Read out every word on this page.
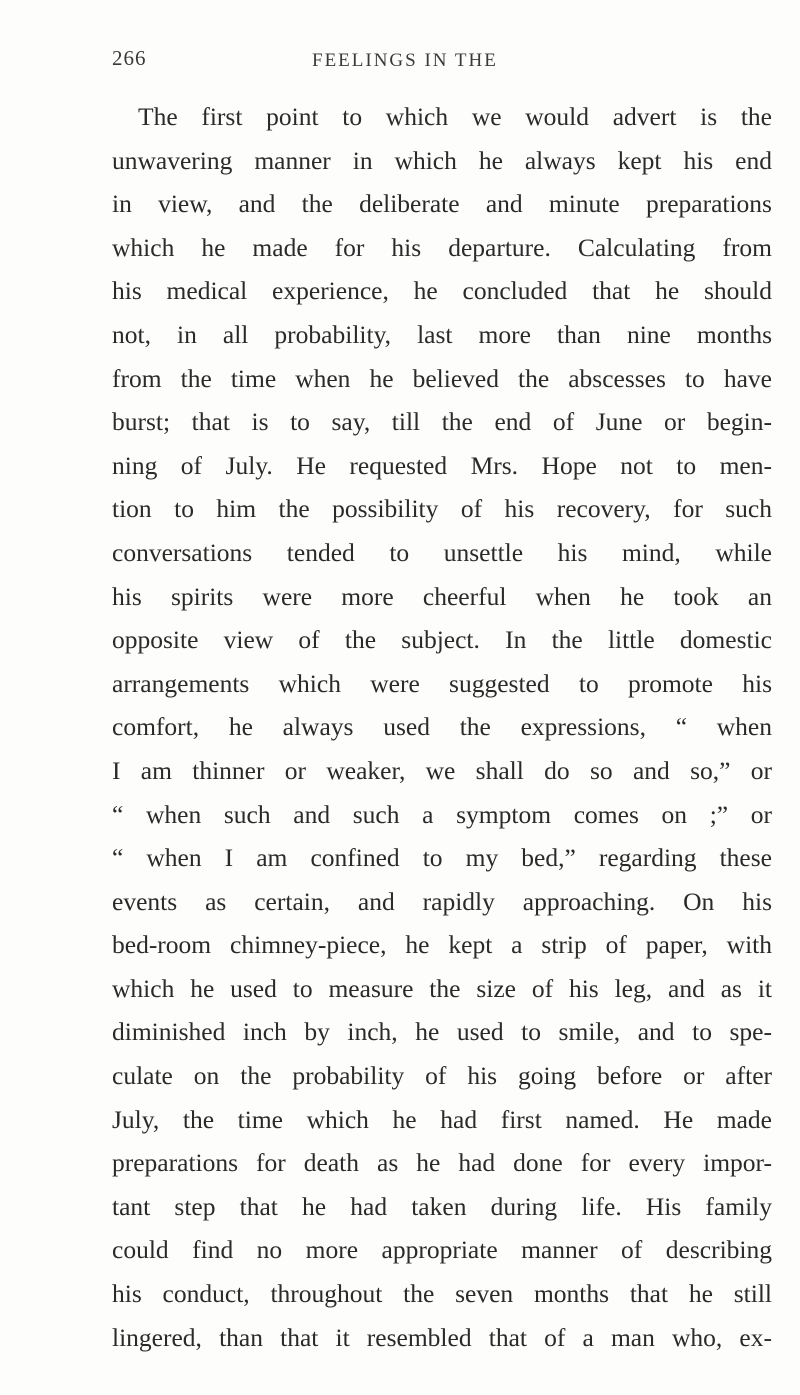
266	FEELINGS IN THE
The first point to which we would advert is the
unwavering manner in which he always kept his end
in view, and the deliberate and minute preparations
which he made for his departure. Calculating from
his medical experience, he concluded that he should
not, in all probability, last more than nine months
from the time when he believed the abscesses to have
burst; that is to say, till the end of June or begin-
ning of July. He requested Mrs. Hope not to men-
tion to him the possibility of his recovery, for such
conversations tended to unsettle his mind, while
his spirits were more cheerful when he took an
opposite view of the subject. In the little domestic
arrangements which were suggested to promote his
comfort, he always used the expressions, “ when
I am thinner or weaker, we shall do so and so,” or
“ when such and such a symptom comes on ;” or
“ when I am confined to my bed,” regarding these
events as certain, and rapidly approaching. On his
bed-room chimney-piece, he kept a strip of paper, with
which he used to measure the size of his leg, and as it
diminished inch by inch, he used to smile, and to spe-
culate on the probability of his going before or after
July, the time which he had first named. He made
preparations for death as he had done for every impor-
tant step that he had taken during life. His family
could find no more appropriate manner of describing
his conduct, throughout the seven months that he still
lingered, than that it resembled that of a man who, ex-
